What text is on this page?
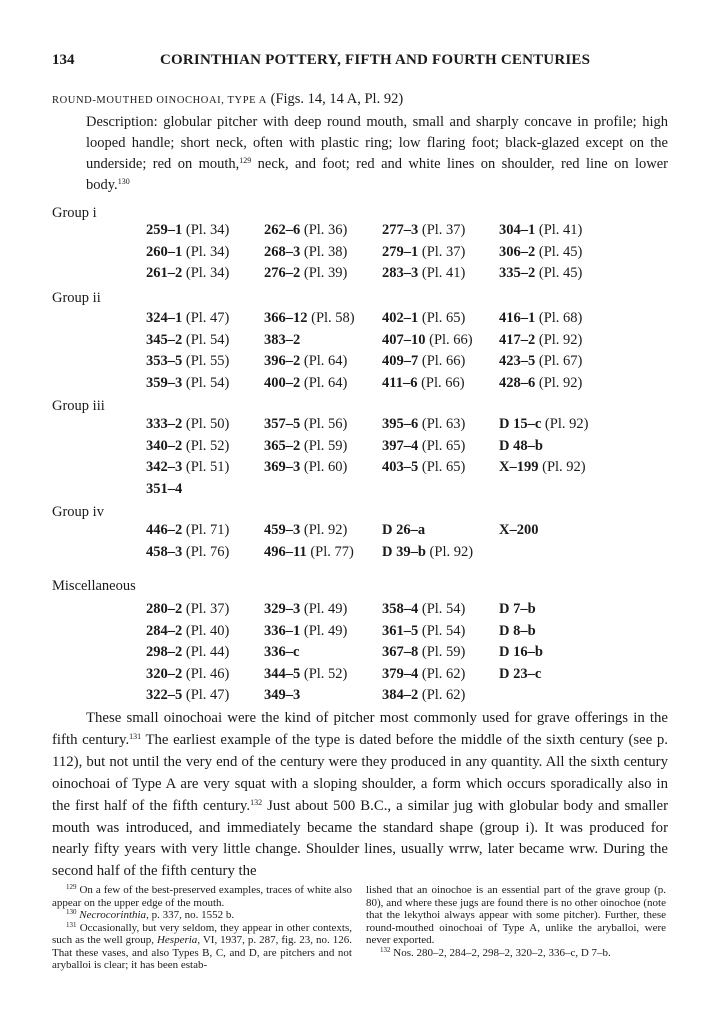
134	CORINTHIAN POTTERY, FIFTH AND FOURTH CENTURIES
ROUND-MOUTHED OINOCHOAI, TYPE A (Figs. 14, 14 A, Pl. 92)

Description: globular pitcher with deep round mouth, small and sharply concave in profile; high looped handle; short neck, often with plastic ring; low flaring foot; black-glazed except on the underside; red on mouth,$^{129}$ neck, and foot; red and white lines on shoulder, red line on lower body.$^{130}$

Group i
259–1 (Pl. 34) 262–6 (Pl. 36) 277–3 (Pl. 37) 304–1 (Pl. 41)
260–1 (Pl. 34) 268–3 (Pl. 38) 279–1 (Pl. 37) 306–2 (Pl. 45)
261–2 (Pl. 34) 276–2 (Pl. 39) 283–3 (Pl. 41) 335–2 (Pl. 45)
Group ii
324–1 (Pl. 47) 366–12 (Pl. 58) 402–1 (Pl. 65) 416–1 (Pl. 68)
345–2 (Pl. 54) 383–2	407–10 (Pl. 66) 417–2 (Pl. 92)
353–5 (Pl. 55) 396–2 (Pl. 64) 409–7 (Pl. 66) 423–5 (Pl. 67)
359–3 (Pl. 54) 400–2 (Pl. 64) 411–6 (Pl. 66) 428–6 (Pl. 92)
Group iii
333–2 (Pl. 50) 357–5 (Pl. 56) 395–6 (Pl. 63) D 15–c (Pl. 92)
340–2 (Pl. 52) 365–2 (Pl. 59) 397–4 (Pl. 65) D 48–b
342–3 (Pl. 51) 369–3 (Pl. 60) 403–5 (Pl. 65) X–199 (Pl. 92)
351–4
Group iv
446–2 (Pl. 71) 459–3 (Pl. 92) D 26–a	X–200
458–3 (Pl. 76) 496–11 (Pl. 77) D 39–b (Pl. 92)
Miscellaneous
280–2 (Pl. 37) 329–3 (Pl. 49) 358–4 (Pl. 54) D 7–b
284–2 (Pl. 40) 336–1 (Pl. 49) 361–5 (Pl. 54) D 8–b
298–2 (Pl. 44) 336–c	367–8 (Pl. 59) D 16–b
320–2 (Pl. 46) 344–5 (Pl. 52) 379–4 (Pl. 62) D 23–c
322–5 (Pl. 47) 349–3	384–2 (Pl. 62)

These small oinochoai were the kind of pitcher most commonly used for grave offerings in the fifth century.$^{131}$ The earliest example of the type is dated before the middle of the sixth century (see p. 112), but not until the very end of the century were they produced in any quantity. All the sixth century oinochoai of Type A are very squat with a sloping shoulder, a form which occurs sporadically also in the first half of the fifth century.$^{132}$ Just about 500 B.C., a similar jug with globular body and smaller mouth was introduced, and immediately became the standard shape (group i). It was produced for nearly fifty years with very little change. Shoulder lines, usually wrrw, later became wrw. During the second half of the fifth century the

$^{129}$ On a few of the best-preserved examples, traces of white also appear on the upper edge of the mouth.

$^{130}$ Necrocorinthia, p. 337, no. 1552 b.

$^{131}$ Occasionally, but very seldom, they appear in other contexts, such as the well group, Hesperia, VI, 1937, p. 287, fig. 23, no. 126. That these vases, and also Types B, C, and D, are pitchers and not aryballoi is clear; it has been estab-

lished that an oinochoe is an essential part of the grave group (p. 80), and where these jugs are found there is no other oinochoe (note that the lekythoi always appear with some pitcher). Further, these round-mouthed oinochoai of Type A, unlike the aryballoi, were never exported.

$^{132}$ Nos. 280–2, 284–2, 298–2, 320–2, 336–c, D 7–b.
